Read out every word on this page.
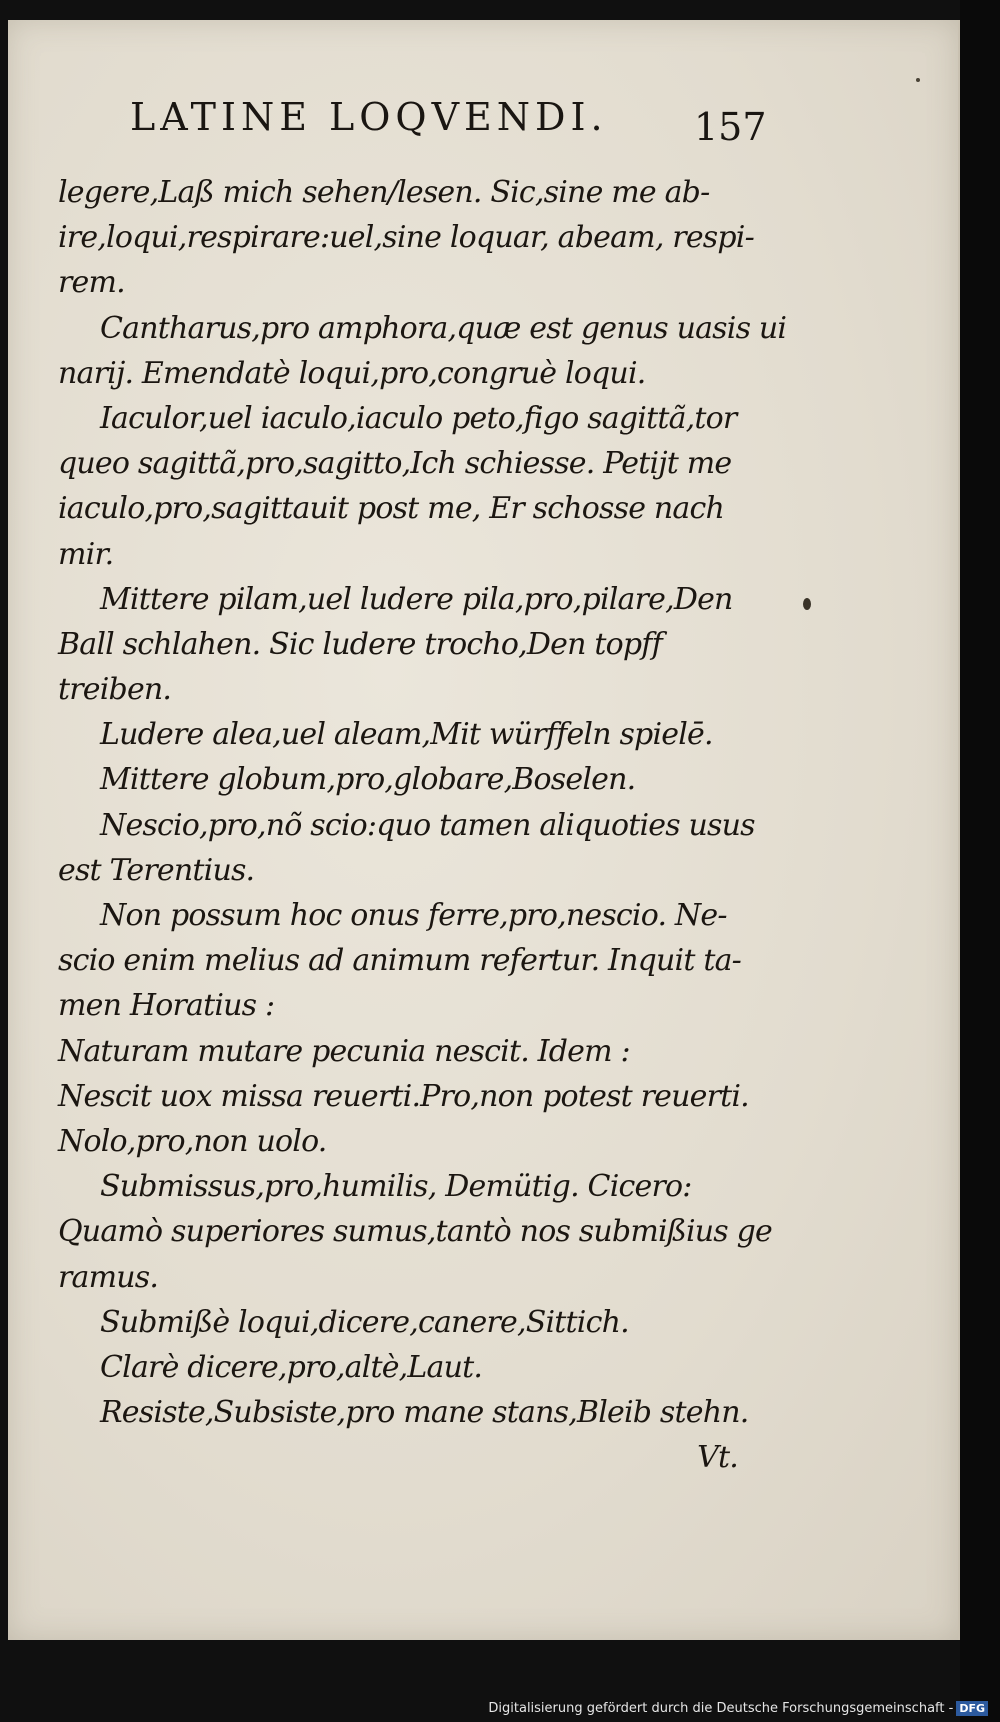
LATINE LOQVENDI.	157
legere,Laß mich sehen/lesen. Sic,sine me ab-
ire,loqui,respirare:uel,sine loquar, abeam, respi-
rem.
Cantharus,pro amphora,quæ est genus uasis ui
narij. Emendatè loqui,pro,congruè loqui.
Iaculor,uel iaculo,iaculo peto,figo sagittã,tor
queo sagittã,pro,sagitto,Ich schiesse. Petijt me
iaculo,pro,sagittauit post me, Er schosse nach
mir.
Mittere pilam,uel ludere pila,pro,pilare,Den
Ball schlahen. Sic ludere trocho,Den topff
treiben.
Ludere alea,uel aleam,Mit würffeln spielē.
Mittere globum,pro,globare,Boselen.
Nescio,pro,nõ scio:quo tamen aliquoties usus
est Terentius.
Non possum hoc onus ferre,pro,nescio. Ne-
scio enim melius ad animum refertur. Inquit ta-
men Horatius :
Naturam mutare pecunia nescit. Idem :
Nescit uox missa reuerti.Pro,non potest reuerti.
Nolo,pro,non uolo.
Submissus,pro,humilis, Demütig. Cicero:
Quamò superiores sumus,tantò nos submißius ge
ramus.
Submißè loqui,dicere,canere,Sittich.
Clarè dicere,pro,altè,Laut.
Resiste,Subsiste,pro mane stans,Bleib stehn.
Vt.
Digitalisierung gefördert durch die Deutsche Forschungsgemeinschaft - DFG
